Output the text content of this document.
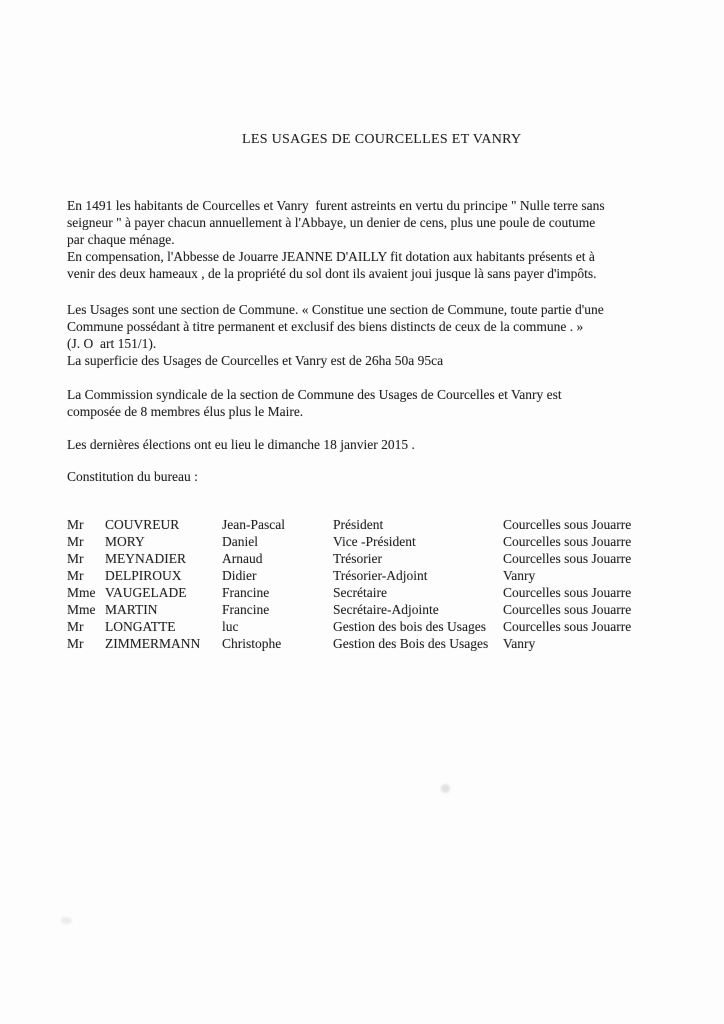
LES USAGES DE COURCELLES ET VANRY
En 1491 les habitants de Courcelles et Vanry  furent astreints en vertu du principe " Nulle terre sans
seigneur " à payer chacun annuellement à l'Abbaye, un denier de cens, plus une poule de coutume
par chaque ménage.
En compensation, l'Abbesse de Jouarre JEANNE D'AILLY fit dotation aux habitants présents et à
venir des deux hameaux , de la propriété du sol dont ils avaient joui jusque là sans payer d'impôts.
Les Usages sont une section de Commune. « Constitue une section de Commune, toute partie d'une
Commune possédant à titre permanent et exclusif des biens distincts de ceux de la commune . »
(J. O  art 151/1).
La superficie des Usages de Courcelles et Vanry est de 26ha 50a 95ca
La Commission syndicale de la section de Commune des Usages de Courcelles et Vanry est
composée de 8 membres élus plus le Maire.
Les dernières élections ont eu lieu le dimanche 18 janvier 2015 .
Constitution du bureau :
Mr	COUVREUR	Jean-Pascal	Président	Courcelles sous Jouarre
Mr	MORY	Daniel	Vice -Président	Courcelles sous Jouarre
Mr	MEYNADIER	Arnaud	Trésorier	Courcelles sous Jouarre
Mr	DELPIROUX	Didier	Trésorier-Adjoint	Vanry
Mme	VAUGELADE	Francine	Secrétaire	Courcelles sous Jouarre
Mme	MARTIN	Francine	Secrétaire-Adjointe	Courcelles sous Jouarre
Mr	LONGATTE	luc	Gestion des bois des Usages	Courcelles sous Jouarre
Mr	ZIMMERMANN	Christophe	Gestion des Bois des Usages	Vanry
